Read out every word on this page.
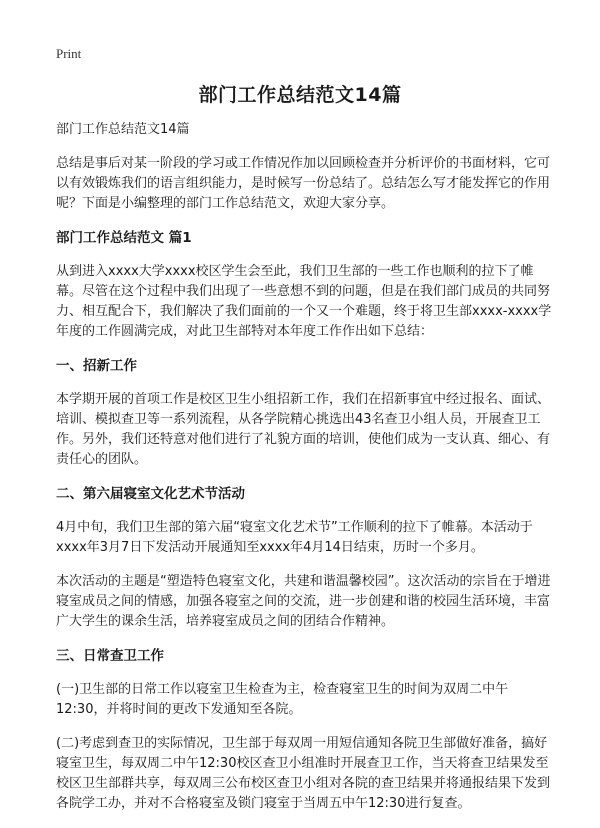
Print
部门工作总结范文14篇

部门工作总结范文14篇

总结是事后对某一阶段的学习或工作情况作加以回顾检查并分析评价的书面材料，它可以有效锻炼我们的语言组织能力，是时候写一份总结了。总结怎么写才能发挥它的作用呢？下面是小编整理的部门工作总结范文，欢迎大家分享。

部门工作总结范文 篇1

从到进入xxxx大学xxxx校区学生会至此，我们卫生部的一些工作也顺利的拉下了帷幕。尽管在这个过程中我们出现了一些意想不到的问题，但是在我们部门成员的共同努力、相互配合下，我们解决了我们面前的一个又一个难题，终于将卫生部xxxx-xxxx学年度的工作圆满完成，对此卫生部特对本年度工作作出如下总结：

一、招新工作

本学期开展的首项工作是校区卫生小组招新工作，我们在招新事宜中经过报名、面试、培训、模拟查卫等一系列流程，从各学院精心挑选出43名查卫小组人员，开展查卫工作。另外，我们还特意对他们进行了礼貌方面的培训，使他们成为一支认真、细心、有责任心的团队。

二、第六届寝室文化艺术节活动

4月中旬，我们卫生部的第六届“寝室文化艺术节”工作顺利的拉下了帷幕。本活动于xxxx年3月7日下发活动开展通知至xxxx年4月14日结束，历时一个多月。

本次活动的主题是“塑造特色寝室文化，共建和谐温馨校园”。这次活动的宗旨在于增进寝室成员之间的情感，加强各寝室之间的交流，进一步创建和谐的校园生活环境，丰富广大学生的课余生活，培养寝室成员之间的团结合作精神。

三、日常查卫工作

(一)卫生部的日常工作以寝室卫生检查为主，检查寝室卫生的时间为双周二中午12:30，并将时间的更改下发通知至各院。

(二)考虑到查卫的实际情况，卫生部于每双周一用短信通知各院卫生部做好准备，搞好寝室卫生，每双周二中午12:30校区查卫小组准时开展查卫工作，当天将查卫结果发至校区卫生部群共享，每双周三公布校区查卫小组对各院的查卫结果并将通报结果下发到各院学工办，并对不合格寝室及锁门寝室于当周五中午12:30进行复查。
